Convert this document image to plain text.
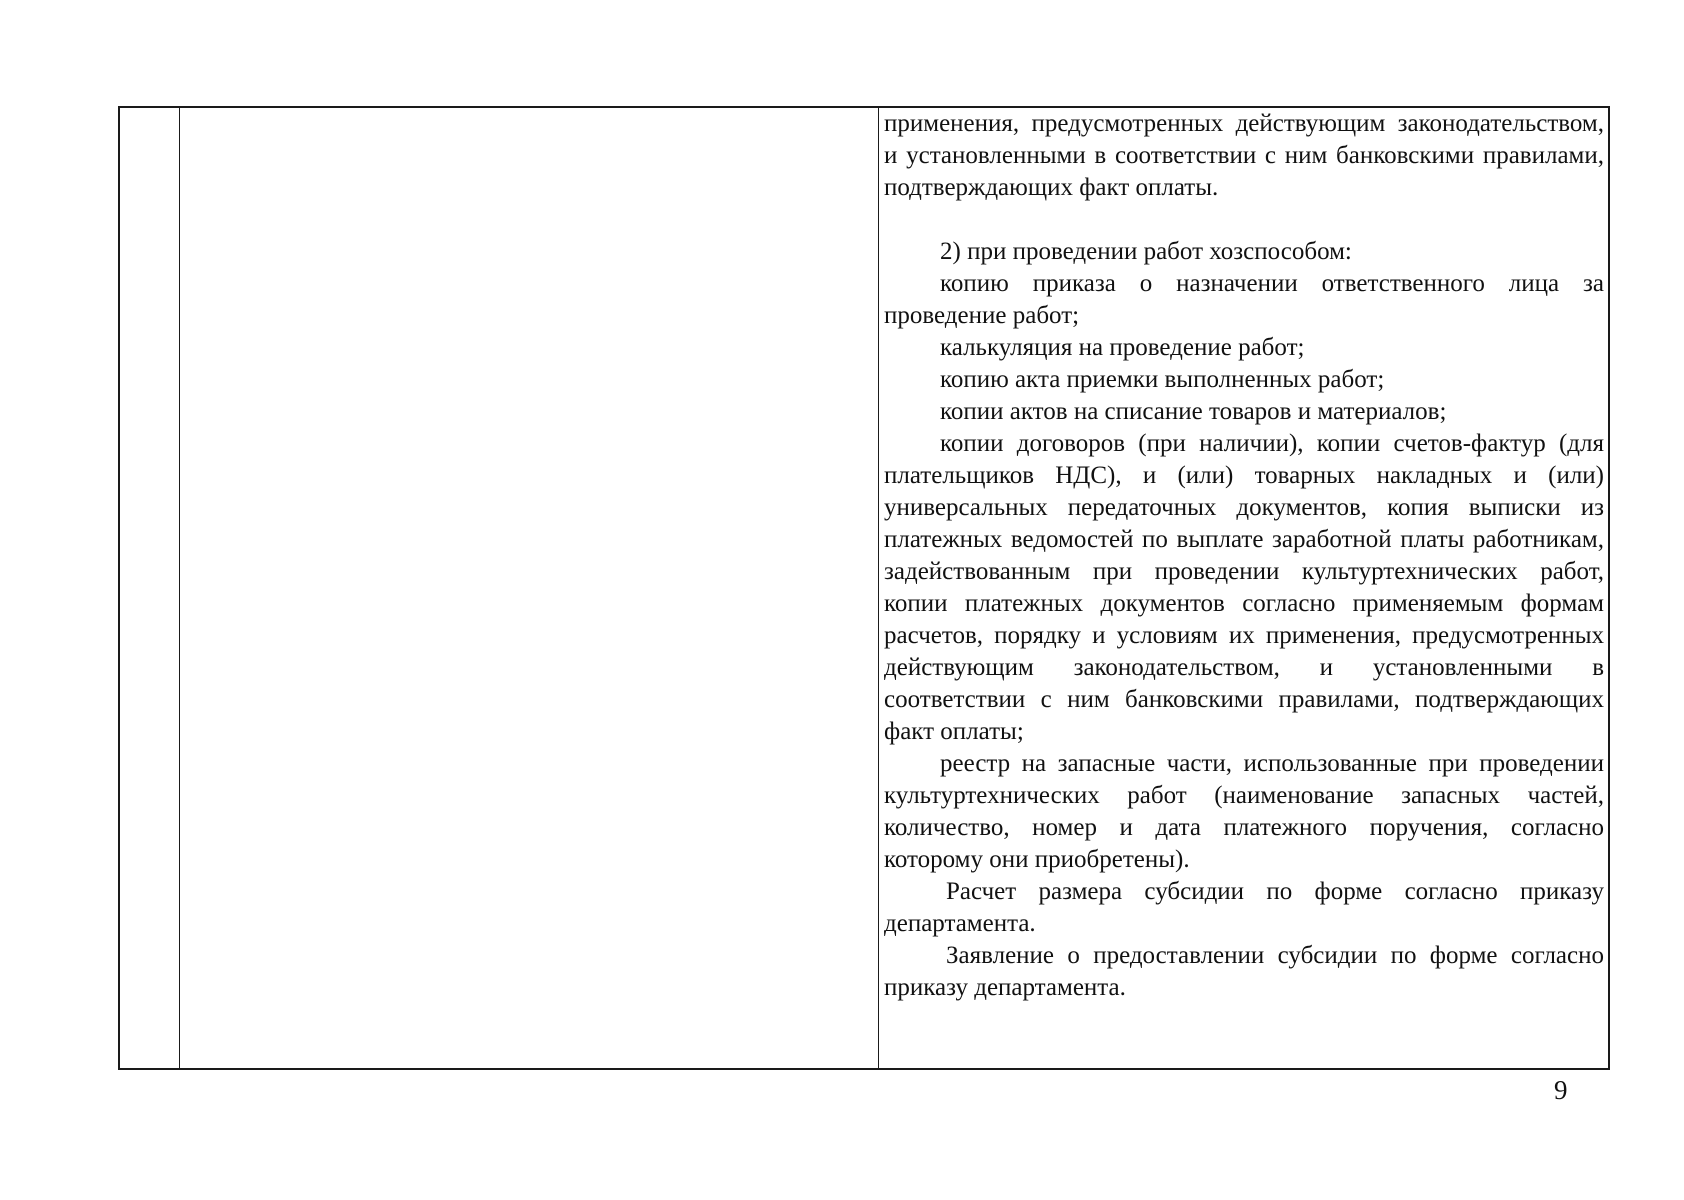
применения, предусмотренных действующим законодательством, и установленными в соответствии с ним банковскими правилами, подтверждающих факт оплаты.

2) при проведении работ хозспособом:

копию приказа о назначении ответственного лица за проведение работ;

калькуляция на проведение работ;

копию акта приемки выполненных работ;

копии актов на списание товаров и материалов;

копии договоров (при наличии), копии счетов-фактур (для плательщиков НДС), и (или) товарных накладных и (или) универсальных передаточных документов, копия выписки из платежных ведомостей по выплате заработной платы работникам, задействованным при проведении культуртехнических работ, копии платежных документов согласно применяемым формам расчетов, порядку и условиям их применения, предусмотренных действующим законодательством, и установленными в соответствии с ним банковскими правилами, подтверждающих факт оплаты;

реестр на запасные части, использованные при проведении культуртехнических работ (наименование запасных частей, количество, номер и дата платежного поручения, согласно которому они приобретены).

Расчет размера субсидии по форме согласно приказу департамента.

Заявление о предоставлении субсидии по форме согласно приказу департамента.

9
